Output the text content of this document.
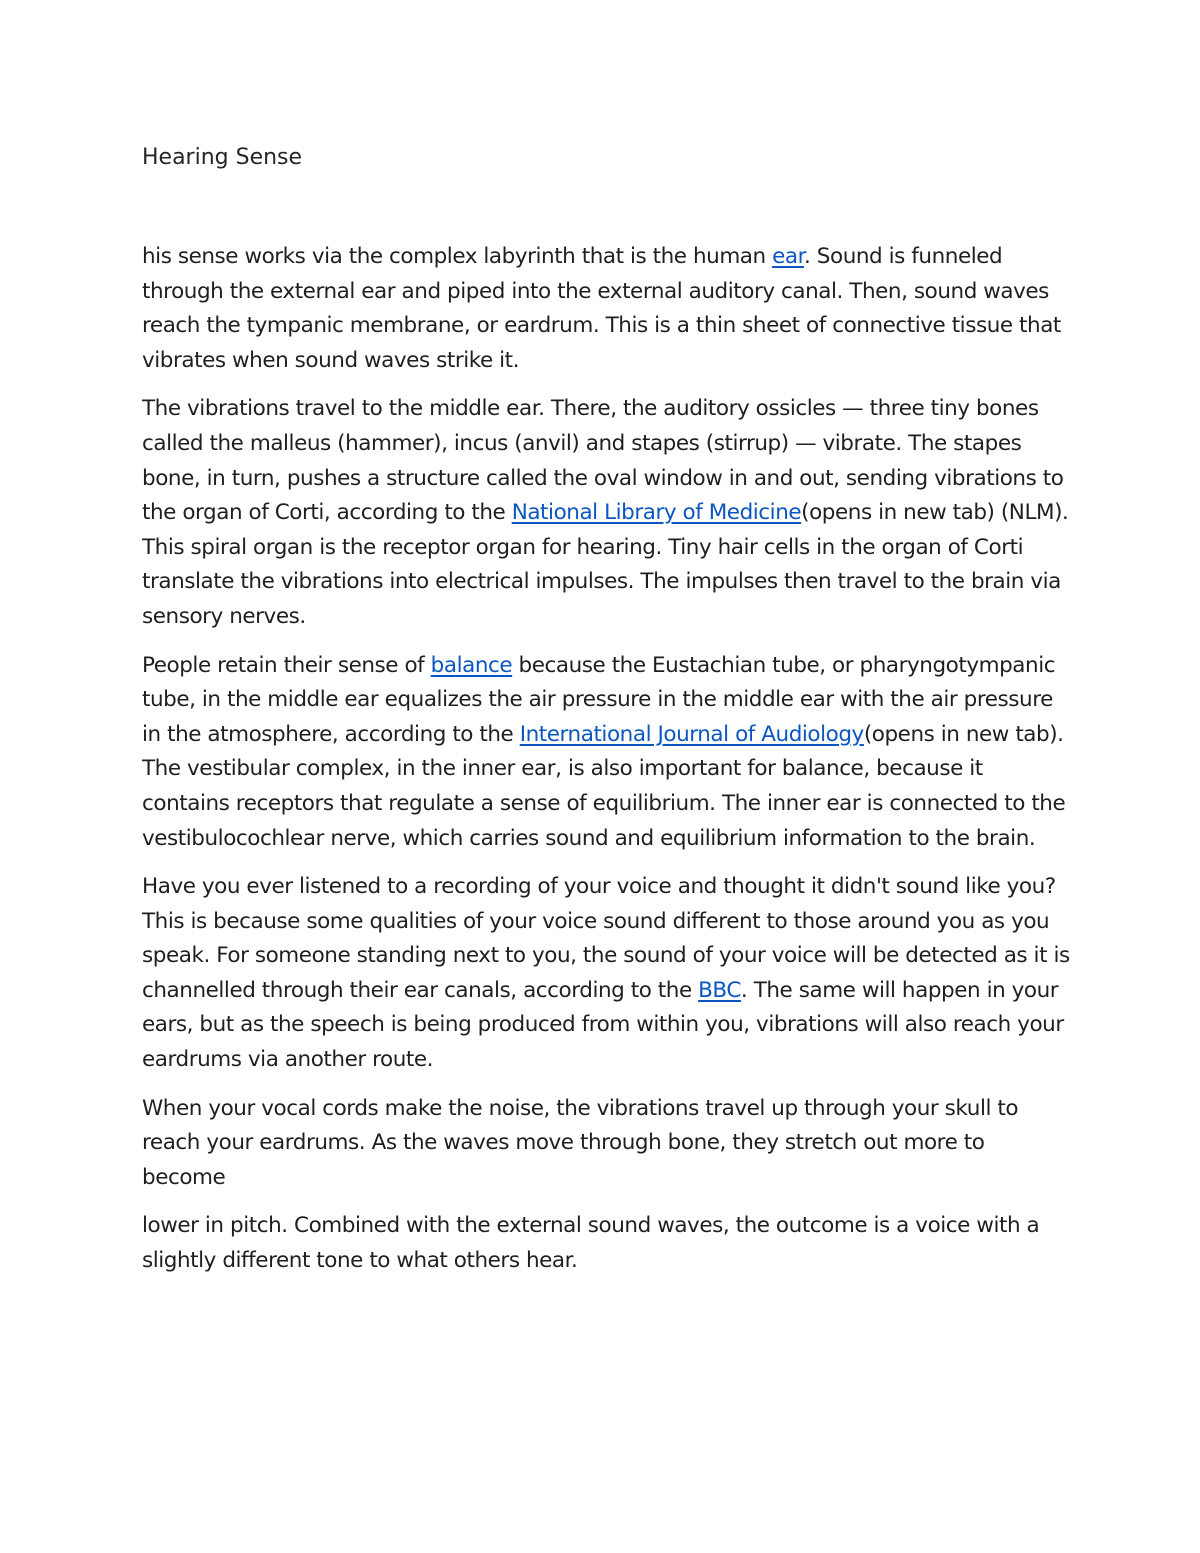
Hearing Sense

his sense works via the complex labyrinth that is the human ear. Sound is funneled through the external ear and piped into the external auditory canal. Then, sound waves reach the tympanic membrane, or eardrum. This is a thin sheet of connective tissue that vibrates when sound waves strike it.

The vibrations travel to the middle ear. There, the auditory ossicles — three tiny bones called the malleus (hammer), incus (anvil) and stapes (stirrup) — vibrate. The stapes bone, in turn, pushes a structure called the oval window in and out, sending vibrations to the organ of Corti, according to the National Library of Medicine(opens in new tab) (NLM). This spiral organ is the receptor organ for hearing. Tiny hair cells in the organ of Corti translate the vibrations into electrical impulses. The impulses then travel to the brain via sensory nerves.

People retain their sense of balance because the Eustachian tube, or pharyngotympanic tube, in the middle ear equalizes the air pressure in the middle ear with the air pressure in the atmosphere, according to the International Journal of Audiology(opens in new tab). The vestibular complex, in the inner ear, is also important for balance, because it contains receptors that regulate a sense of equilibrium. The inner ear is connected to the vestibulocochlear nerve, which carries sound and equilibrium information to the brain.

Have you ever listened to a recording of your voice and thought it didn't sound like you? This is because some qualities of your voice sound different to those around you as you speak. For someone standing next to you, the sound of your voice will be detected as it is channelled through their ear canals, according to the BBC. The same will happen in your ears, but as the speech is being produced from within you, vibrations will also reach your eardrums via another route.

When your vocal cords make the noise, the vibrations travel up through your skull to reach your eardrums. As the waves move through bone, they stretch out more to become

lower in pitch. Combined with the external sound waves, the outcome is a voice with a slightly different tone to what others hear.
